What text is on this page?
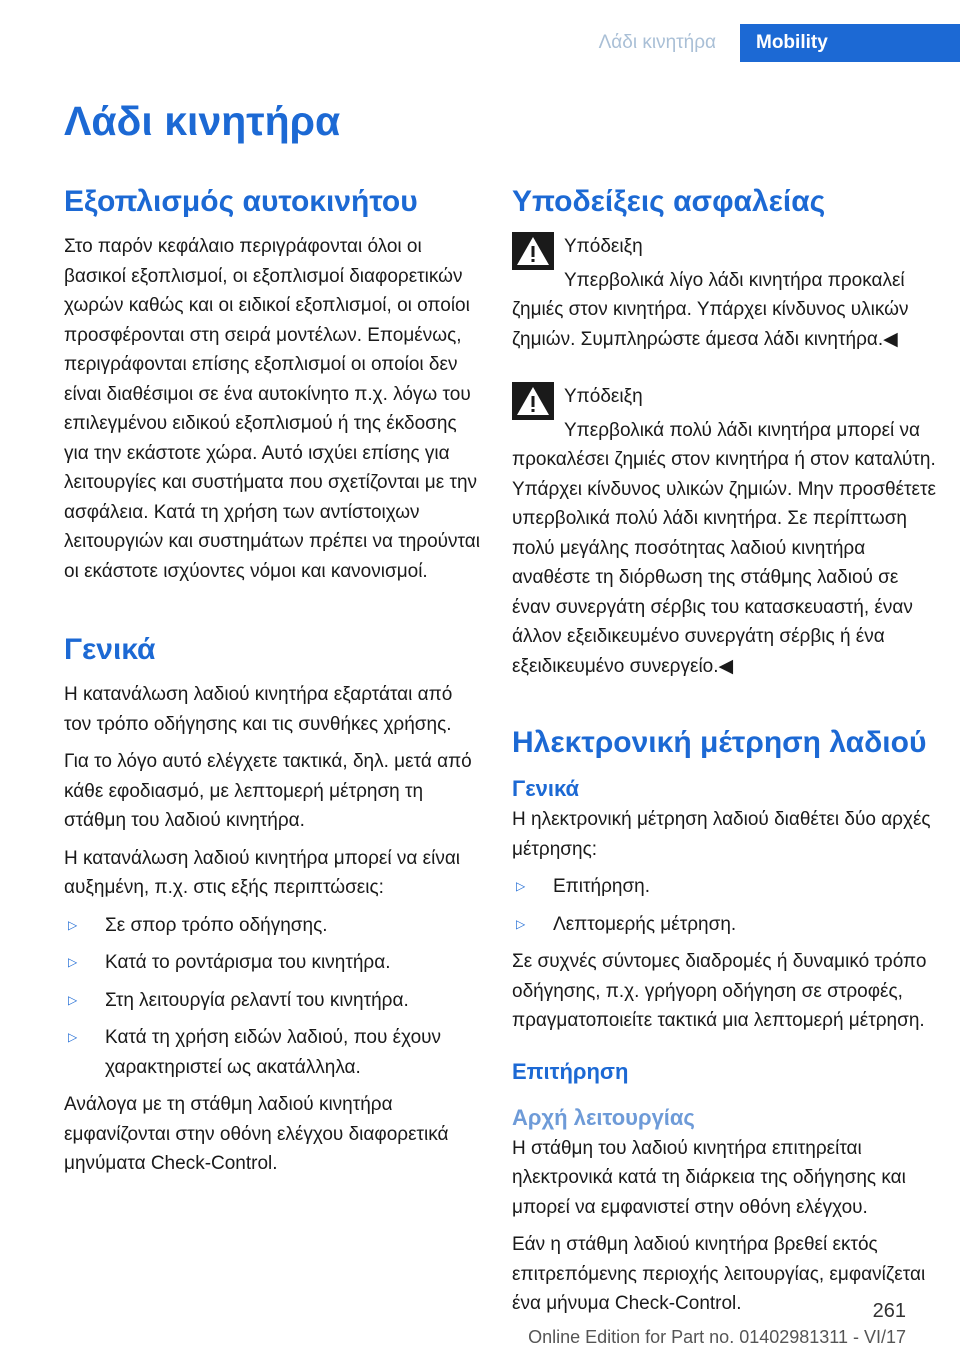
Λάδι κινητήρα	Mobility
Λάδι κινητήρα
Εξοπλισμός αυτοκινήτου

Στο παρόν κεφάλαιο περιγράφονται όλοι οι βασικοί εξοπλισμοί, οι εξοπλισμοί διαφορετικών χωρών καθώς και οι ειδικοί εξοπλισμοί, οι οποίοι προσφέρονται στη σειρά μοντέλων. Επομένως, περιγράφονται επίσης εξοπλισμοί οι οποίοι δεν είναι διαθέσιμοι σε ένα αυτοκίνητο π.χ. λόγω του επιλεγμένου ειδικού εξοπλισμού ή της έκδοσης για την εκάστοτε χώρα. Αυτό ισχύει επίσης για λειτουργίες και συστήματα που σχετίζονται με την ασφάλεια. Κατά τη χρήση των αντίστοιχων λειτουργιών και συστημάτων πρέπει να τηρούνται οι εκάστοτε ισχύοντες νόμοι και κανονισμοί.

Γενικά

Η κατανάλωση λαδιού κινητήρα εξαρτάται από τον τρόπο οδήγησης και τις συνθήκες χρήσης.

Για το λόγο αυτό ελέγχετε τακτικά, δηλ. μετά από κάθε εφοδιασμό, με λεπτομερή μέτρηση τη στάθμη του λαδιού κινητήρα.

Η κατανάλωση λαδιού κινητήρα μπορεί να είναι αυξημένη, π.χ. στις εξής περιπτώσεις:

▷	Σε σπορ τρόπο οδήγησης.
▷	Κατά το ροντάρισμα του κινητήρα.
▷	Στη λειτουργία ρελαντί του κινητήρα.
▷	Κατά τη χρήση ειδών λαδιού, που έχουν χαρακτηριστεί ως ακατάλληλα.

Ανάλογα με τη στάθμη λαδιού κινητήρα εμφανίζονται στην οθόνη ελέγχου διαφορετικά μηνύματα Check-Control.

Υποδείξεις ασφαλείας

Υπόδειξη

Υπερβολικά λίγο λάδι κινητήρα προκαλεί ζημιές στον κινητήρα. Υπάρχει κίνδυνος υλικών ζημιών. Συμπληρώστε άμεσα λάδι κινητήρα.◀

Υπόδειξη

Υπερβολικά πολύ λάδι κινητήρα μπορεί να προκαλέσει ζημιές στον κινητήρα ή στον καταλύτη. Υπάρχει κίνδυνος υλικών ζημιών. Μην προσθέτετε υπερβολικά πολύ λάδι κινητήρα. Σε περίπτωση πολύ μεγάλης ποσότητας λαδιού κινητήρα αναθέστε τη διόρθωση της στάθμης λαδιού σε έναν συνεργάτη σέρβις του κατασκευαστή, έναν άλλον εξειδικευμένο συνεργάτη σέρβις ή ένα εξειδικευμένο συνεργείο.◀

Ηλεκτρονική μέτρηση λαδιού
Γενικά

Η ηλεκτρονική μέτρηση λαδιού διαθέτει δύο αρχές μέτρησης:

▷	Επιτήρηση.
▷	Λεπτομερής μέτρηση.

Σε συχνές σύντομες διαδρομές ή δυναμικό τρόπο οδήγησης, π.χ. γρήγορη οδήγηση σε στροφές, πραγματοποιείτε τακτικά μια λεπτομερή μέτρηση.

Επιτήρηση
Αρχή λειτουργίας

Η στάθμη του λαδιού κινητήρα επιτηρείται ηλεκτρονικά κατά τη διάρκεια της οδήγησης και μπορεί να εμφανιστεί στην οθόνη ελέγχου.

Εάν η στάθμη λαδιού κινητήρα βρεθεί εκτός επιτρεπόμενης περιοχής λειτουργίας, εμφανίζεται ένα μήνυμα Check-Control.	261
Online Edition for Part no. 01402981311 - VI/17
